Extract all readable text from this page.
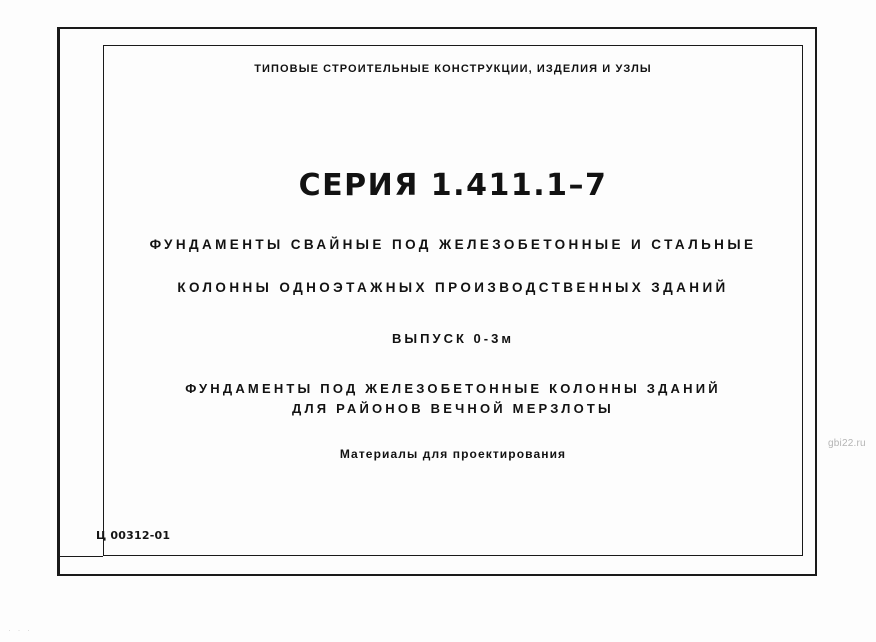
ТИПОВЫЕ СТРОИТЕЛЬНЫЕ КОНСТРУКЦИИ, ИЗДЕЛИЯ И УЗЛЫ
СЕРИЯ 1.411.1–7
ФУНДАМЕНТЫ СВАЙНЫЕ ПОД ЖЕЛЕЗОБЕТОННЫЕ И СТАЛЬНЫЕ
КОЛОННЫ ОДНОЭТАЖНЫХ ПРОИЗВОДСТВЕННЫХ ЗДАНИЙ
ВЫПУСК 0-3м
ФУНДАМЕНТЫ ПОД ЖЕЛЕЗОБЕТОННЫЕ КОЛОННЫ ЗДАНИЙ
ДЛЯ РАЙОНОВ ВЕЧНОЙ МЕРЗЛОТЫ
Материалы для проектирования
Ц 00312-01
gbi22.ru
· · ·
